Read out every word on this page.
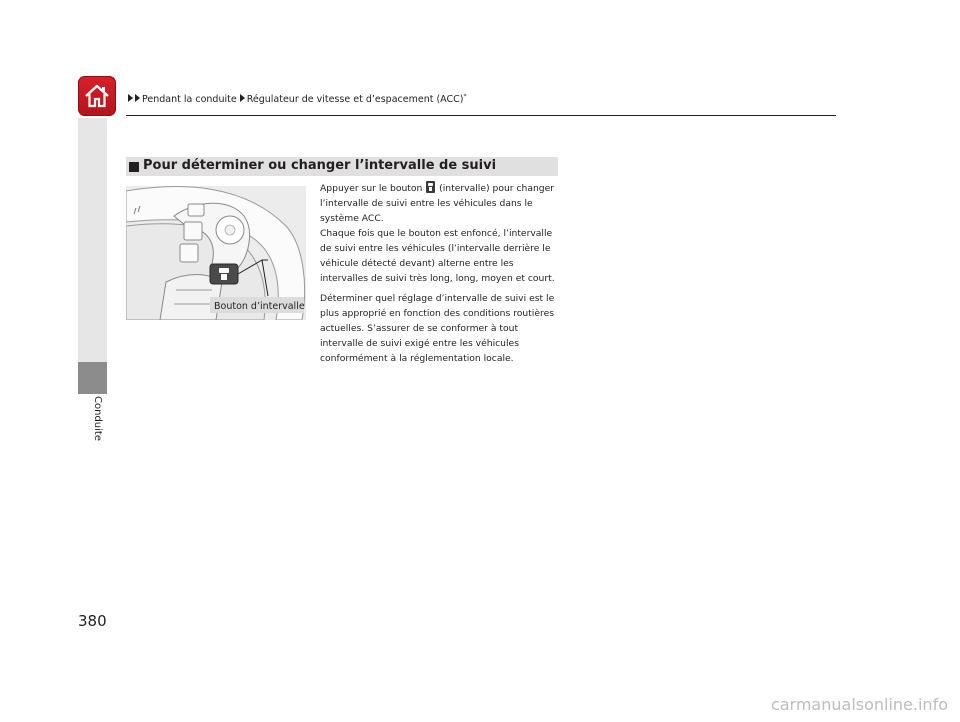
Pendant la conduite Régulateur de vitesse et d’espacement (ACC)*
Conduite
Pour déterminer ou changer l’intervalle de suivi
Bouton d’intervalle
Appuyer sur le bouton (intervalle) pour changer l’intervalle de suivi entre les véhicules dans le système ACC.
Chaque fois que le bouton est enfoncé, l’intervalle de suivi entre les véhicules (l’intervalle derrière le véhicule détecté devant) alterne entre les intervalles de suivi très long, long, moyen et court.
Déterminer quel réglage d’intervalle de suivi est le plus approprié en fonction des conditions routières actuelles. S’assurer de se conformer à tout intervalle de suivi exigé entre les véhicules conformément à la réglementation locale.
380
carmanualsonline.info
